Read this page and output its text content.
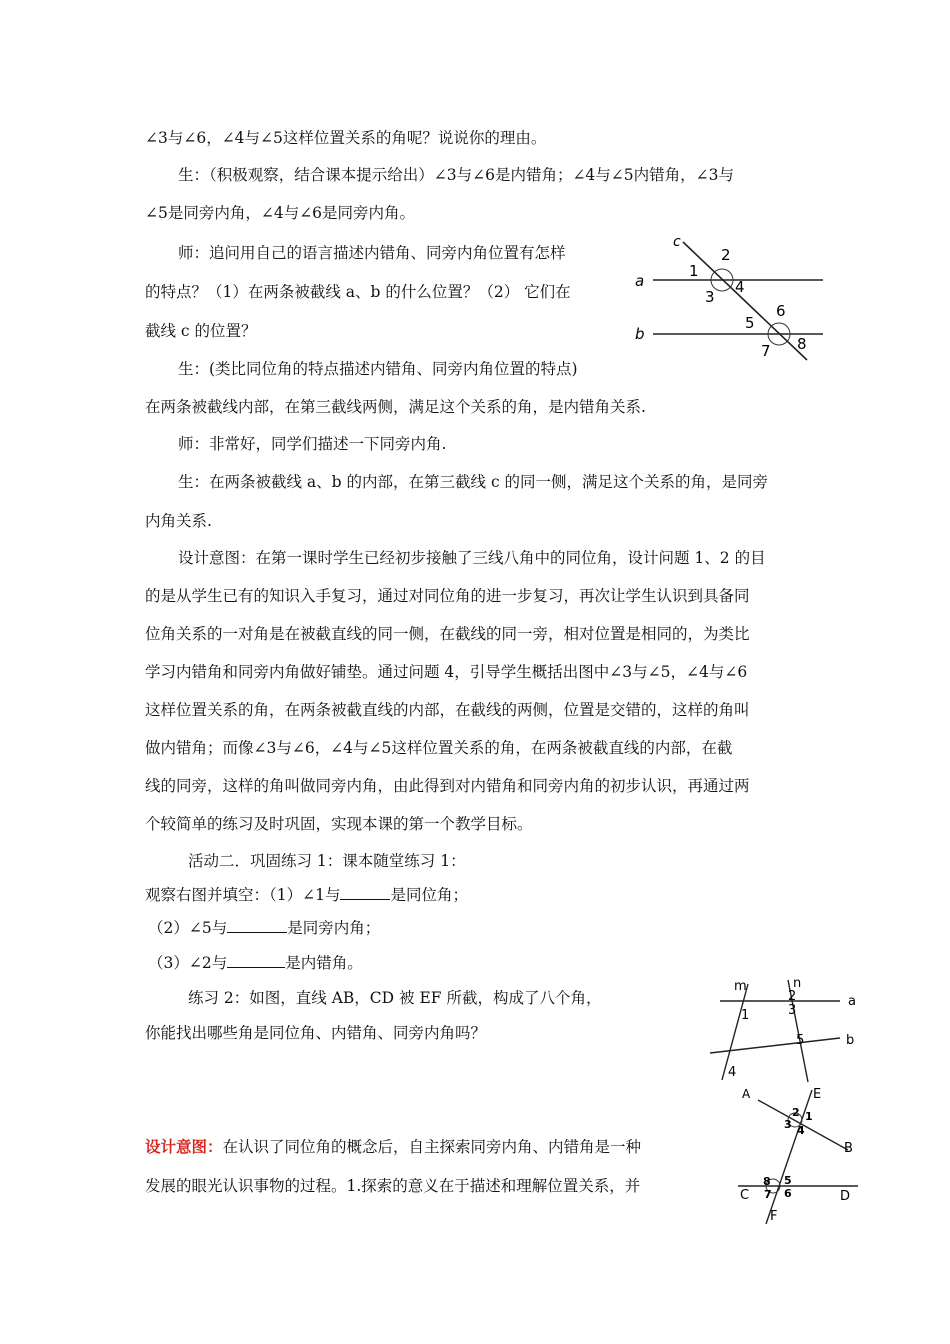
∠3与∠6，∠4与∠5这样位置关系的角呢？说说你的理由。
生：（积极观察，结合课本提示给出）∠3与∠6是内错角；∠4与∠5内错角，∠3与
∠5是同旁内角，∠4与∠6是同旁内角。
师：追问用自己的语言描述内错角、同旁内角位置有怎样
的特点？（1）在两条被截线 a、b 的什么位置？（2） 它们在
截线 c 的位置？
生：(类比同位角的特点描述内错角、同旁内角位置的特点)
在两条被截线内部，在第三截线两侧，满足这个关系的角，是内错角关系.
师：非常好，同学们描述一下同旁内角.
生：在两条被截线 a、b 的内部，在第三截线 c 的同一侧，满足这个关系的角，是同旁
内角关系.
设计意图：在第一课时学生已经初步接触了三线八角中的同位角，设计问题 1、2 的目
的是从学生已有的知识入手复习，通过对同位角的进一步复习，再次让学生认识到具备同
位角关系的一对角是在被截直线的同一侧，在截线的同一旁，相对位置是相同的，为类比
学习内错角和同旁内角做好铺垫。通过问题 4，引导学生概括出图中∠3与∠5，∠4与∠6
这样位置关系的角，在两条被截直线的内部，在截线的两侧，位置是交错的，这样的角叫
做内错角；而像∠3与∠6，∠4与∠5这样位置关系的角，在两条被截直线的内部，在截
线的同旁，这样的角叫做同旁内角，由此得到对内错角和同旁内角的初步认识，再通过两
个较简单的练习及时巩固，实现本课的第一个教学目标。
活动二．巩固练习 1：课本随堂练习 1：
观察右图并填空：（1）∠1与	是同位角；
（2）∠5与	是同旁内角；
（3）∠2与	是内错角。
练习 2：如图，直线 AB，CD 被 EF 所截，构成了八个角，
你能找出哪些角是同位角、内错角、同旁内角吗？
设计意图：在认识了同位角的概念后，自主探索同旁内角、内错角是一种
发展的眼光认识事物的过程。1.探索的意义在于描述和理解位置关系，并
c
a
b
1
2
3
4
5
6
7 8
m	n
a
b
1
2
3
4
5
A
B
C	D
E
F
1
2
3 4
5
6
7
8
